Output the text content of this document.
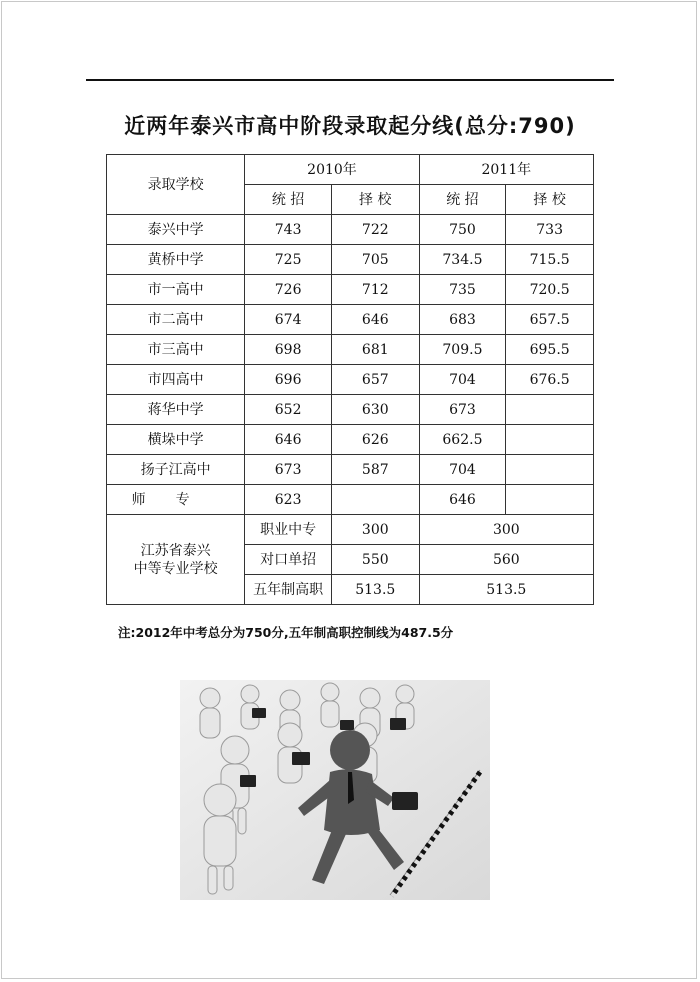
近两年泰兴市高中阶段录取起分线(总分:790)
录取学校	2010年		2011年	
	统 招	择 校	统 招	择 校
泰兴中学	743	722	750	733
黄桥中学	725	705	734.5	715.5
市一高中	726	712	735	720.5
市二高中	674	646	683	657.5
市三高中	698	681	709.5	695.5
市四高中	696	657	704	676.5
蒋华中学	652	630	673	
横垛中学	646	626	662.5	
扬子江高中	673	587	704	
师专	623		646	
江苏省泰兴
中等专业学校	职业中专	300	300	
	对口单招	550	560	
	五年制高职	513.5	513.5	
注:2012年中考总分为750分,五年制高职控制线为487.5分
